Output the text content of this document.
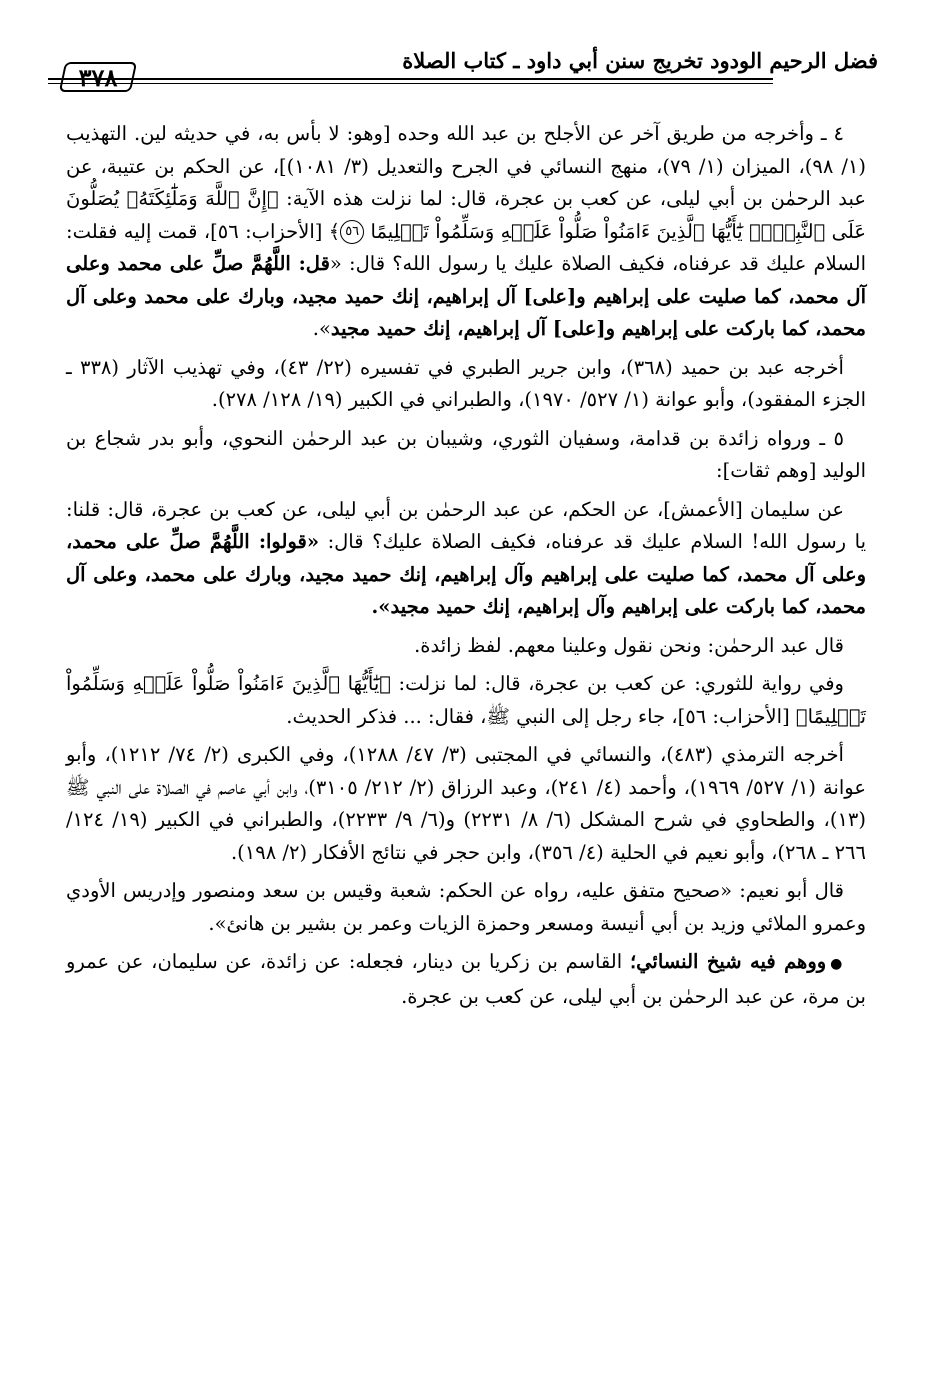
فضل الرحيم الودود تخريج سنن أبي داود ـ كتاب الصلاة
٣٧٨

٤ ـ وأخرجه من طريق آخر عن الأجلح بن عبد الله وحده [وهو: لا بأس به، في حديثه لين. التهذيب (١/ ٩٨)، الميزان (١/ ٧٩)، منهج النسائي في الجرح والتعديل (٣/ ١٠٨١)]، عن الحكم بن عتيبة، عن عبد الرحمٰن بن أبي ليلى، عن كعب بن عجرة، قال: لما نزلت هذه الآية: ﴿إِنَّ ٱللَّهَ وَمَلَٰٓئِكَتَهُۥ يُصَلُّونَ عَلَى ٱلنَّبِيِّۚ يَٰٓأَيُّهَا ٱلَّذِينَ ءَامَنُواْ صَلُّواْ عَلَيۡهِ وَسَلِّمُواْ تَسۡلِيمًا ٥٦﴾ [الأحزاب: ٥٦]، قمت إليه فقلت: السلام عليك قد عرفناه، فكيف الصلاة عليك يا رسول الله؟ قال: «قل: اللَّهُمَّ صلِّ على محمد وعلى آل محمد، كما صليت على إبراهيم و[على] آل إبراهيم، إنك حميد مجيد، وبارك على محمد وعلى آل محمد، كما باركت على إبراهيم و[على] آل إبراهيم، إنك حميد مجيد».

أخرجه عبد بن حميد (٣٦٨)، وابن جرير الطبري في تفسيره (٢٢/ ٤٣)، وفي تهذيب الآثار (٣٣٨ ـ الجزء المفقود)، وأبو عوانة (١/ ٥٢٧/ ١٩٧٠)، والطبراني في الكبير (١٩/ ١٢٨/ ٢٧٨).

٥ ـ ورواه زائدة بن قدامة، وسفيان الثوري، وشيبان بن عبد الرحمٰن النحوي، وأبو بدر شجاع بن الوليد [وهم ثقات]:

عن سليمان [الأعمش]، عن الحكم، عن عبد الرحمٰن بن أبي ليلى، عن كعب بن عجرة، قال: قلنا: يا رسول الله! السلام عليك قد عرفناه، فكيف الصلاة عليك؟ قال: «قولوا: اللَّهُمَّ صلِّ على محمد، وعلى آل محمد، كما صليت على إبراهيم وآل إبراهيم، إنك حميد مجيد، وبارك على محمد، وعلى آل محمد، كما باركت على إبراهيم وآل إبراهيم، إنك حميد مجيد».

قال عبد الرحمٰن: ونحن نقول وعلينا معهم. لفظ زائدة.

وفي رواية للثوري: عن كعب بن عجرة، قال: لما نزلت: ﴿يَٰٓأَيُّهَا ٱلَّذِينَ ءَامَنُواْ صَلُّواْ عَلَيۡهِ وَسَلِّمُواْ تَسۡلِيمًا﴾ [الأحزاب: ٥٦]، جاء رجل إلى النبي ﷺ، فقال: ... فذكر الحديث.

أخرجه الترمذي (٤٨٣)، والنسائي في المجتبى (٣/ ٤٧/ ١٢٨٨)، وفي الكبرى (٢/ ٧٤/ ١٢١٢)، وأبو عوانة (١/ ٥٢٧/ ١٩٦٩)، وأحمد (٤/ ٢٤١)، وعبد الرزاق (٢/ ٢١٢/ ٣١٠٥)، وابن أبي عاصم في الصلاة على النبي ﷺ (١٣)، والطحاوي في شرح المشكل (٦/ ٨/ ٢٢٣١) و(٦/ ٩/ ٢٢٣٣)، والطبراني في الكبير (١٩/ ١٢٤/ ٢٦٦ ـ ٢٦٨)، وأبو نعيم في الحلية (٤/ ٣٥٦)، وابن حجر في نتائج الأفكار (٢/ ١٩٨).

قال أبو نعيم: «صحيح متفق عليه، رواه عن الحكم: شعبة وقيس بن سعد ومنصور وإدريس الأودي وعمرو الملائي وزيد بن أبي أنيسة ومسعر وحمزة الزيات وعمر بن بشير بن هانئ».

●ووهم فيه شيخ النسائي؛ القاسم بن زكريا بن دينار، فجعله: عن زائدة، عن سليمان، عن عمرو بن مرة، عن عبد الرحمٰن بن أبي ليلى، عن كعب بن عجرة.
